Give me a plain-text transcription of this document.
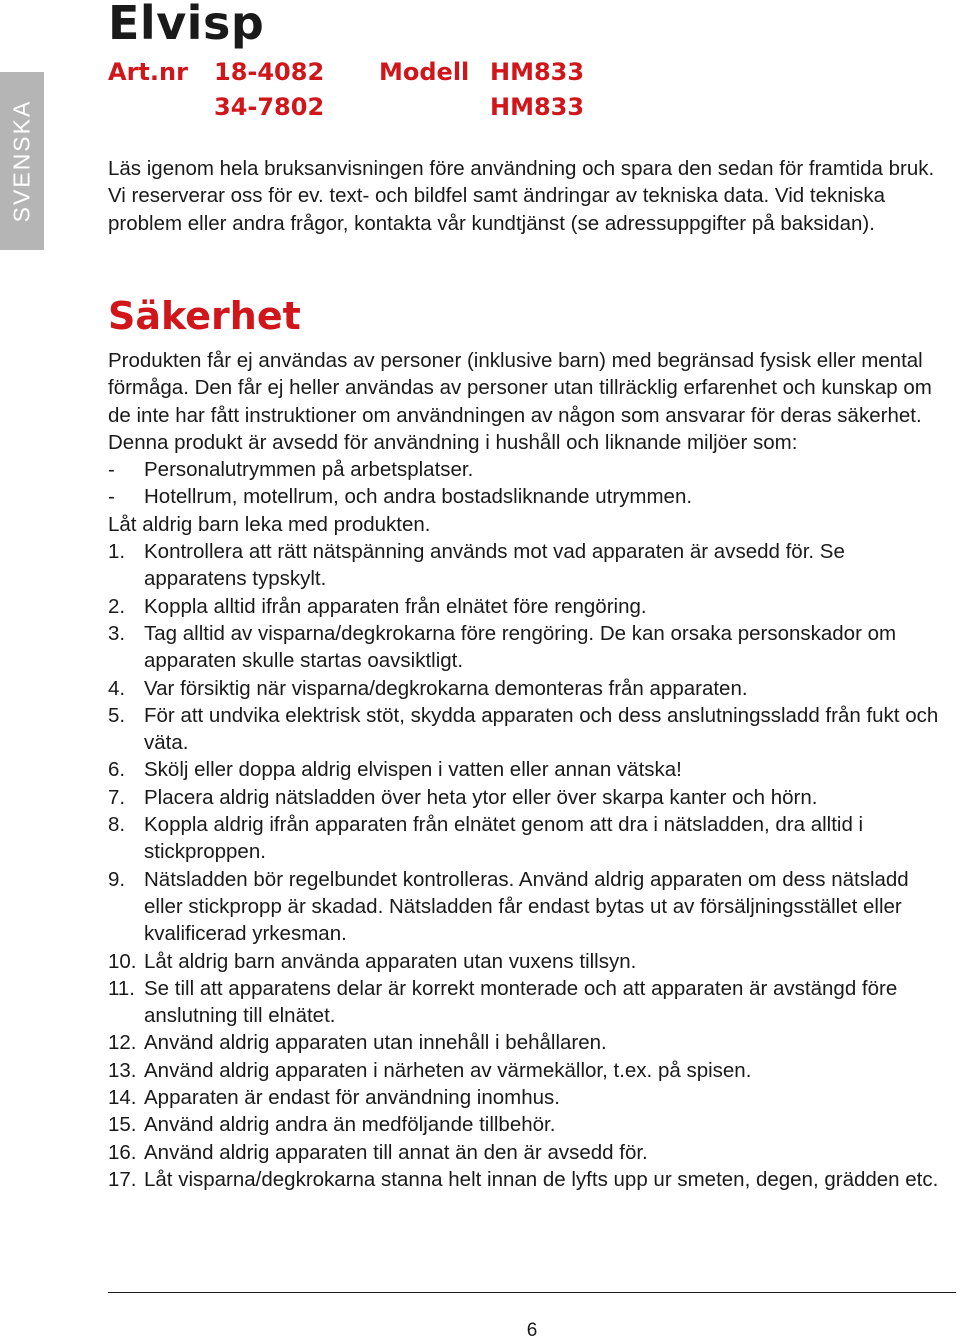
SVENSKA
Elvisp
Art.nr 18-4082 Modell HM833
34-7802	HM833

Läs igenom hela bruksanvisningen före användning och spara den sedan för framtida bruk. Vi reserverar oss för ev. text- och bildfel samt ändringar av tekniska data. Vid tekniska problem eller andra frågor, kontakta vår kundtjänst (se adressuppgifter på baksidan).

Säkerhet

Produkten får ej användas av personer (inklusive barn) med begränsad fysisk eller mental förmåga. Den får ej heller användas av personer utan tillräcklig erfarenhet och kunskap om de inte har fått instruktioner om användningen av någon som ansvarar för deras säkerhet.

Denna produkt är avsedd för användning i hushåll och liknande miljöer som:

-	Personalutrymmen på arbetsplatser.
-	Hotellrum, motellrum, och andra bostadsliknande utrymmen.

Låt aldrig barn leka med produkten.

1. Kontrollera att rätt nätspänning används mot vad apparaten är avsedd för. Se apparatens typskylt.
2. Koppla alltid ifrån apparaten från elnätet före rengöring.
3. Tag alltid av visparna/degkrokarna före rengöring. De kan orsaka personskador om apparaten skulle startas oavsiktligt.
4. Var försiktig när visparna/degkrokarna demonteras från apparaten.
5. För att undvika elektrisk stöt, skydda apparaten och dess anslutningssladd från fukt och väta.
6. Skölj eller doppa aldrig elvispen i vatten eller annan vätska!
7. Placera aldrig nätsladden över heta ytor eller över skarpa kanter och hörn.
8. Koppla aldrig ifrån apparaten från elnätet genom att dra i nätsladden, dra alltid i stickproppen.
9. Nätsladden bör regelbundet kontrolleras. Använd aldrig apparaten om dess nätsladd eller stickpropp är skadad. Nätsladden får endast bytas ut av försäljningsstället eller kvalificerad yrkesman.
10. Låt aldrig barn använda apparaten utan vuxens tillsyn.
11. Se till att apparatens delar är korrekt monterade och att apparaten är avstängd före anslutning till elnätet.
12. Använd aldrig apparaten utan innehåll i behållaren.
13. Använd aldrig apparaten i närheten av värmekällor, t.ex. på spisen.
14. Apparaten är endast för användning inomhus.
15. Använd aldrig andra än medföljande tillbehör.
16. Använd aldrig apparaten till annat än den är avsedd för.
17. Låt visparna/degkrokarna stanna helt innan de lyfts upp ur smeten, degen, grädden etc.
6
